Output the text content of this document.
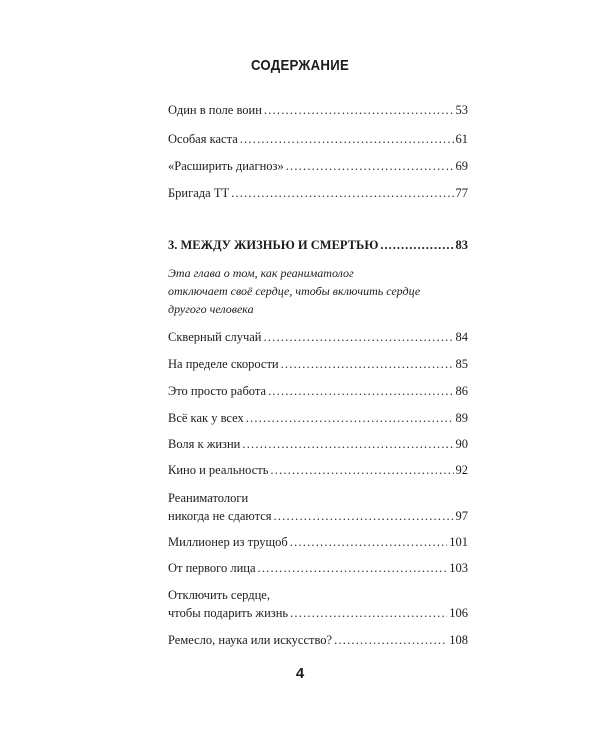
СОДЕРЖАНИЕ
Один в поле воин .....	53
Особая каста .....	61
«Расширить диагноз» .....	69
Бригада ТТ .....	77
3. МЕЖДУ ЖИЗНЬЮ И СМЕРТЬЮ .....	83
Эта глава о том, как реаниматолог
отключает своё сердце, чтобы включить сердце
другого человека
Скверный случай .....	84
На пределе скорости .....	85
Это просто работа .....	86
Всё как у всех .....	89
Воля к жизни .....	90
Кино и реальность .....	92
Реаниматологи
никогда не сдаются .....	97
Миллионер из трущоб .....	101
От первого лица .....	103
Отключить сердце,
чтобы подарить жизнь .....	106
Ремесло, наука или искусство? .....	108
4
